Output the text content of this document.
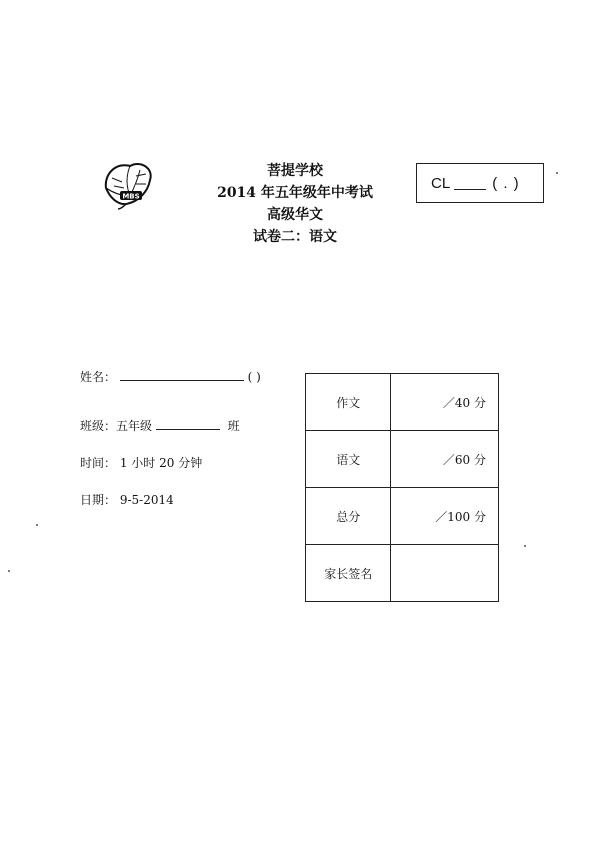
MBS
菩提学校
2014 年五年级年中考试
高级华文
试卷二：语文
CL	( . )
姓名：	( )
班级：五年级	班
时间： 1 小时 20 分钟
日期： 9-5-2014
作文	／40 分
语文	／60 分
总分	／100 分
家长签名	
